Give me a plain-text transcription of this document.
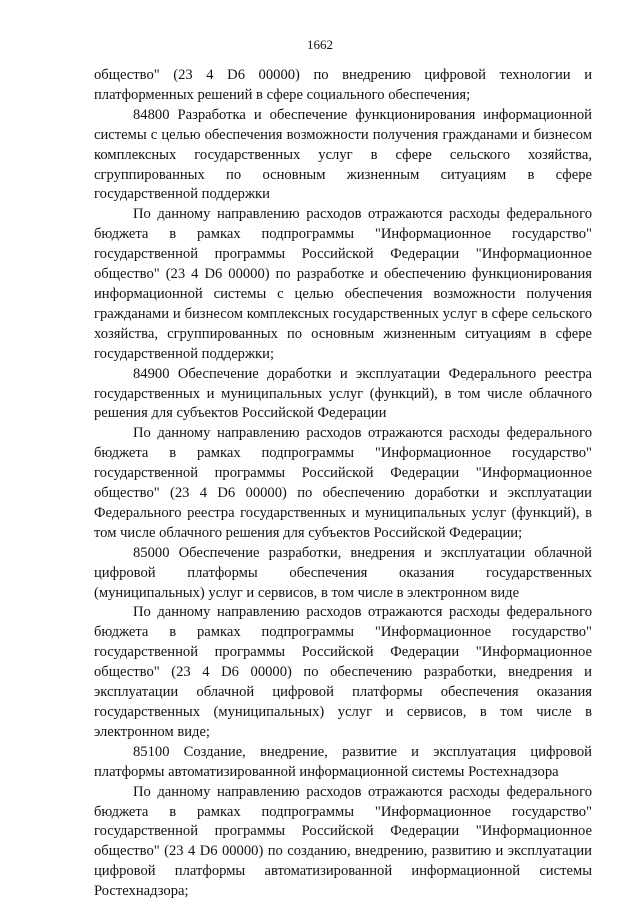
1662

общество" (23 4 D6 00000) по внедрению цифровой технологии и платформенных решений в сфере социального обеспечения;

84800 Разработка и обеспечение функционирования информационной системы с целью обеспечения возможности получения гражданами и бизнесом комплексных государственных услуг в сфере сельского хозяйства, сгруппированных по основным жизненным ситуациям в сфере государственной поддержки

По данному направлению расходов отражаются расходы федерального бюджета в рамках подпрограммы "Информационное государство" государственной программы Российской Федерации "Информационное общество" (23 4 D6 00000) по разработке и обеспечению функционирования информационной системы с целью обеспечения возможности получения гражданами и бизнесом комплексных государственных услуг в сфере сельского хозяйства, сгруппированных по основным жизненным ситуациям в сфере государственной поддержки;

84900 Обеспечение доработки и эксплуатации Федерального реестра государственных и муниципальных услуг (функций), в том числе облачного решения для субъектов Российской Федерации

По данному направлению расходов отражаются расходы федерального бюджета в рамках подпрограммы "Информационное государство" государственной программы Российской Федерации "Информационное общество" (23 4 D6 00000) по обеспечению доработки и эксплуатации Федерального реестра государственных и муниципальных услуг (функций), в том числе облачного решения для субъектов Российской Федерации;

85000 Обеспечение разработки, внедрения и эксплуатации облачной цифровой платформы обеспечения оказания государственных (муниципальных) услуг и сервисов, в том числе в электронном виде

По данному направлению расходов отражаются расходы федерального бюджета в рамках подпрограммы "Информационное государство" государственной программы Российской Федерации "Информационное общество" (23 4 D6 00000) по обеспечению разработки, внедрения и эксплуатации облачной цифровой платформы обеспечения оказания государственных (муниципальных) услуг и сервисов, в том числе в электронном виде;

85100 Создание, внедрение, развитие и эксплуатация цифровой платформы автоматизированной информационной системы Ростехнадзора

По данному направлению расходов отражаются расходы федерального бюджета в рамках подпрограммы "Информационное государство" государственной программы Российской Федерации "Информационное общество" (23 4 D6 00000) по созданию, внедрению, развитию и эксплуатации цифровой платформы автоматизированной информационной системы Ростехнадзора;
